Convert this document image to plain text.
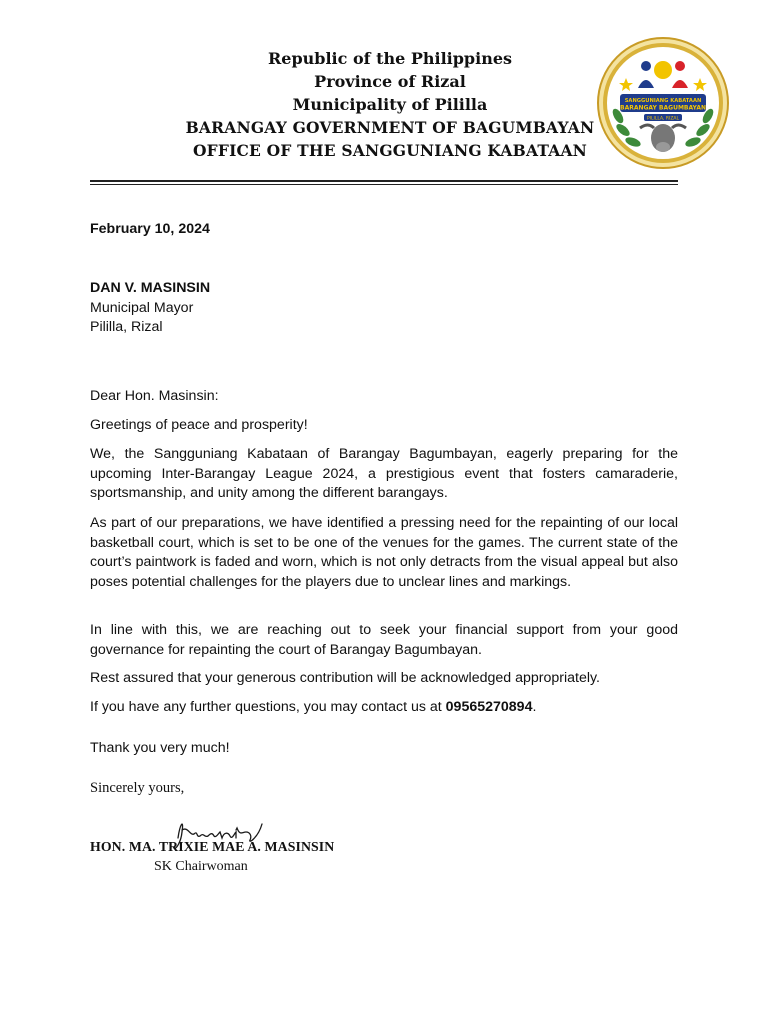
Republic of the Philippines
Province of Rizal
Municipality of Pililla
BARANGAY GOVERNMENT OF BAGUMBAYAN
OFFICE OF THE SANGGUNIANG KABATAAN
SANGGUNIANG KABATAAN
BARANGAY BAGUMBAYAN
PILILLA, RIZAL
February 10, 2024
DAN V. MASINSIN
Municipal Mayor
Pililla, Rizal
Dear Hon. Masinsin:
Greetings of peace and prosperity!
We, the Sangguniang Kabataan of Barangay Bagumbayan, eagerly preparing for the upcoming Inter-Barangay League 2024, a prestigious event that fosters camaraderie, sportsmanship, and unity among the different barangays.
As part of our preparations, we have identified a pressing need for the repainting of our local basketball court, which is set to be one of the venues for the games. The current state of the court’s paintwork is faded and worn, which is not only detracts from the visual appeal but also poses potential challenges for the players due to unclear lines and markings.
In line with this, we are reaching out to seek your financial support from your good governance for repainting the court of Barangay Bagumbayan.
Rest assured that your generous contribution will be acknowledged appropriately.
If you have any further questions, you may contact us at 09565270894.
Thank you very much!
Sincerely yours,
HON. MA. TRIXIE MAE A. MASINSIN
SK Chairwoman
